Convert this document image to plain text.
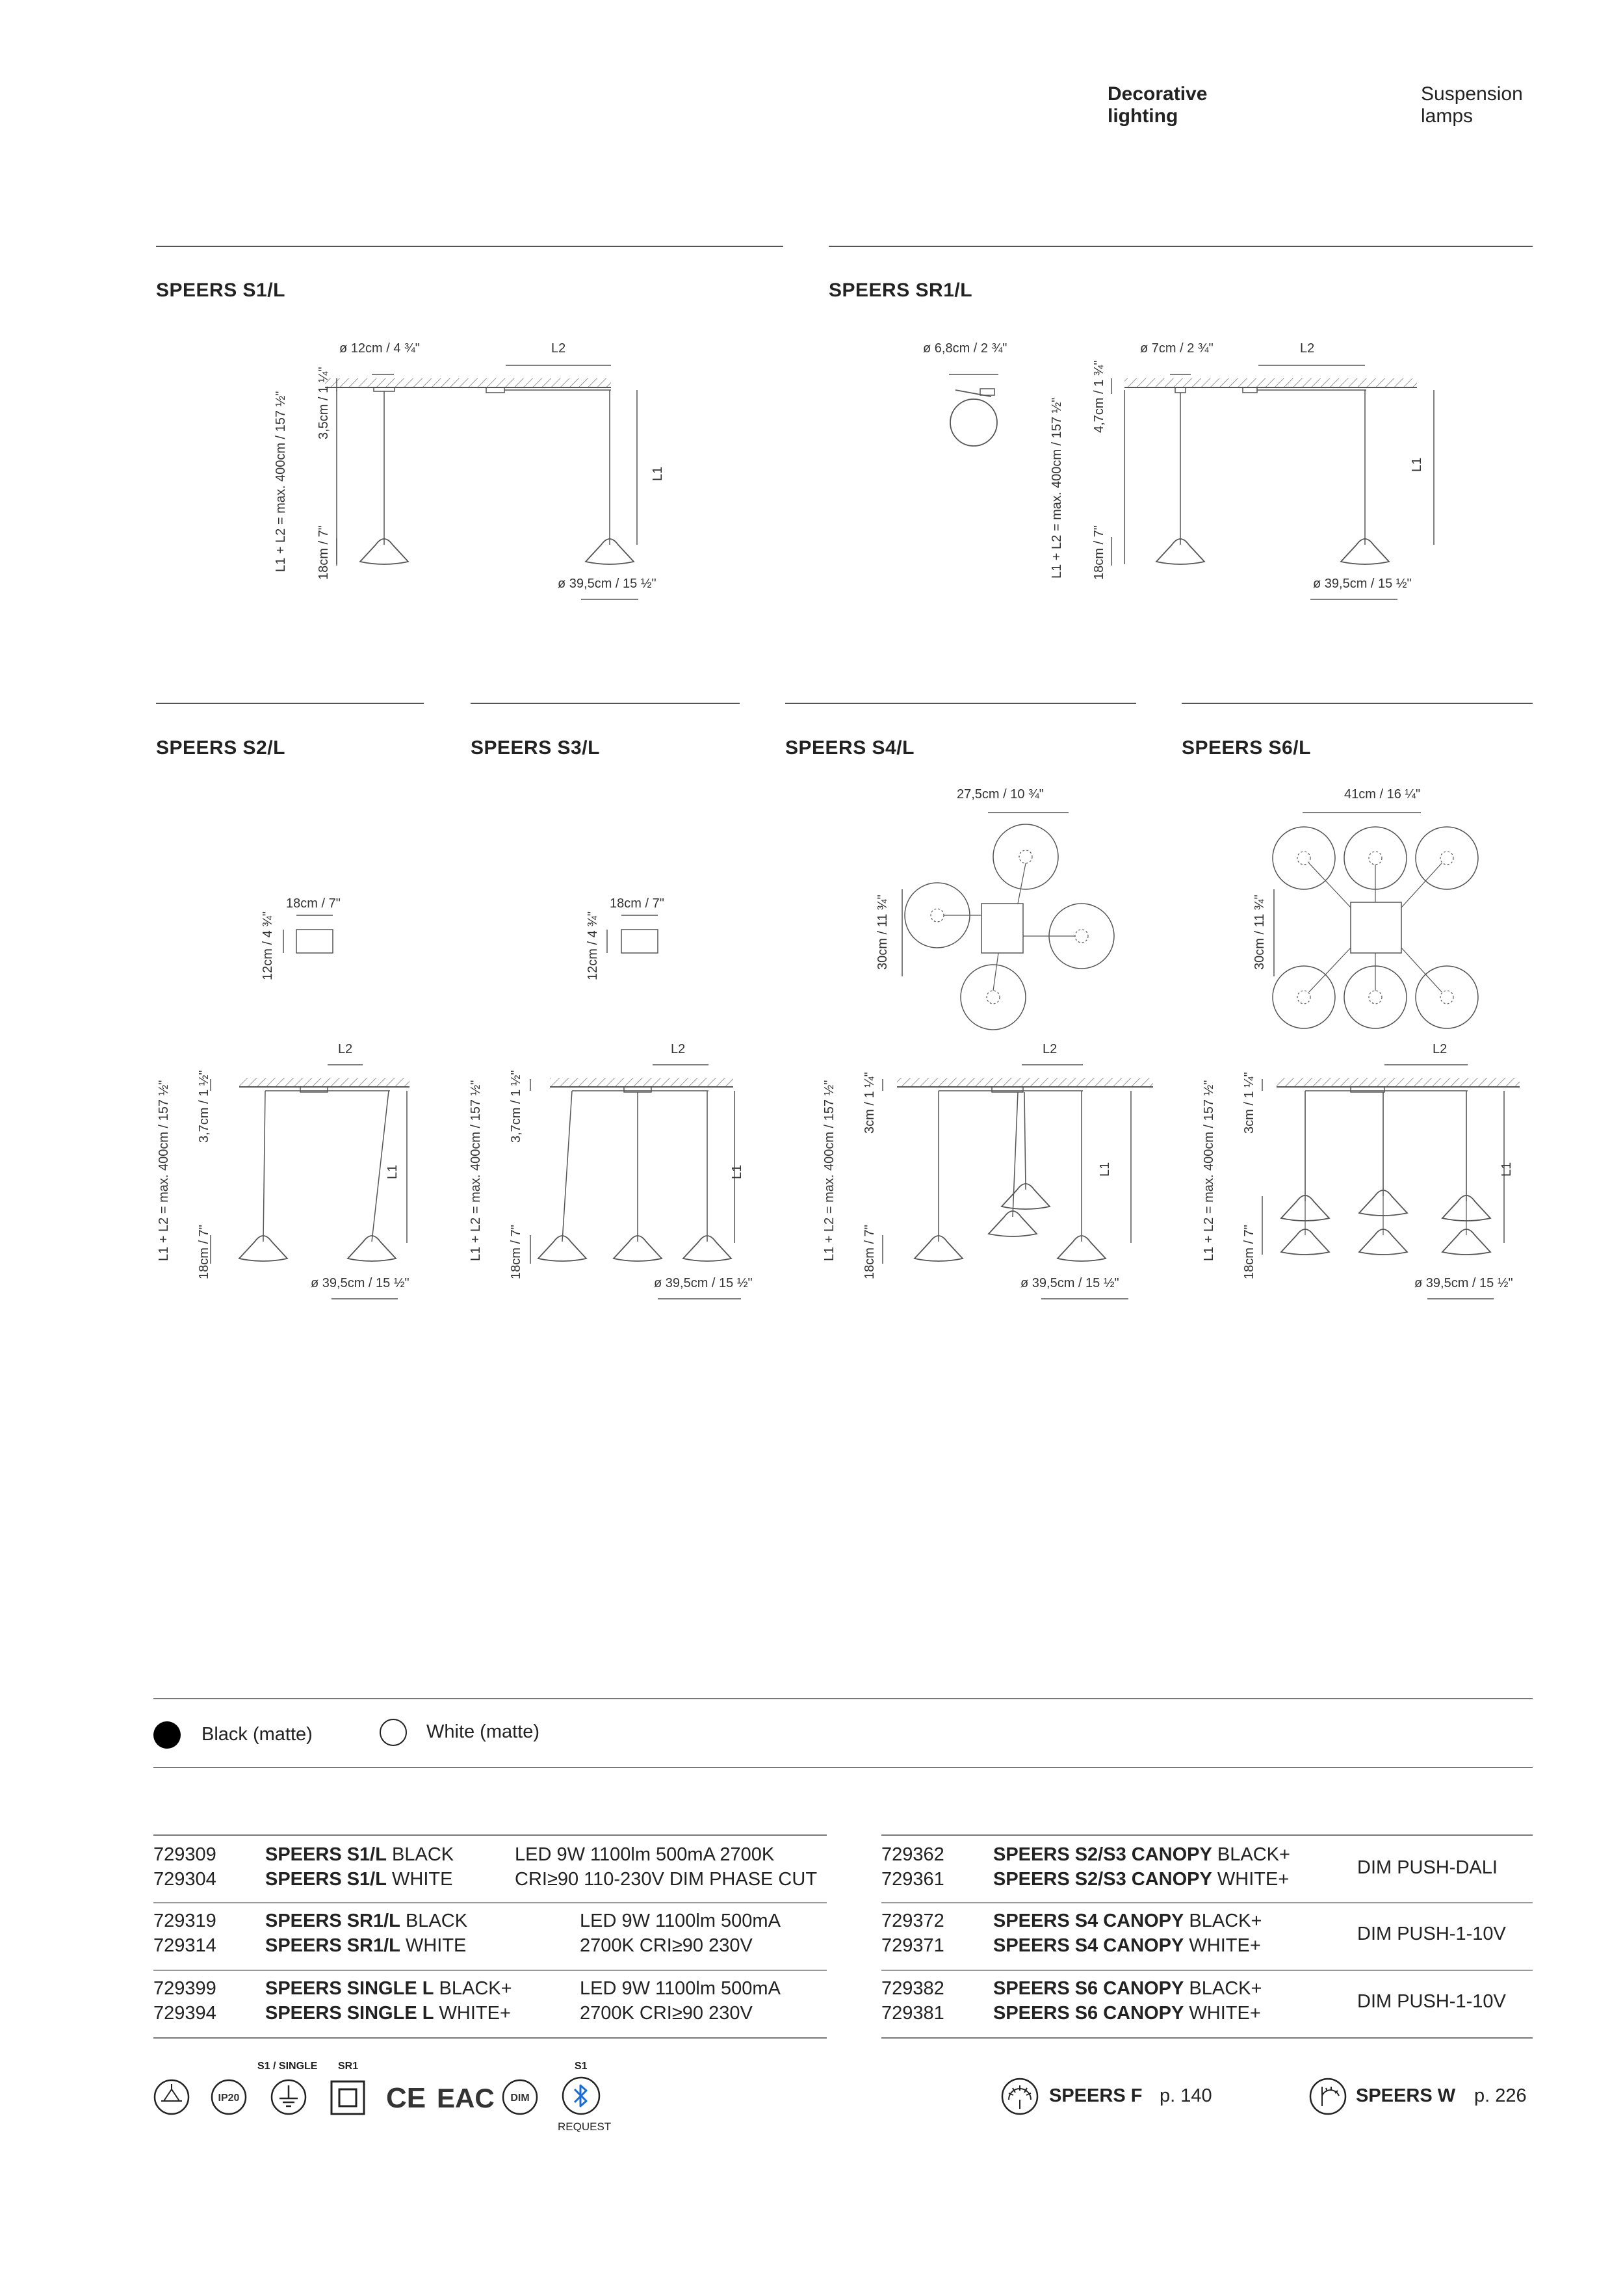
Decorative
lighting
Suspension
lamps
SPEERS S1/L	SPEERS SR1/L
ø 12cm / 4 ¾"	L2
L1
L1 + L2 = max. 400cm / 157 ½" 3,5cm / 1 ¼"
18cm / 7"
ø 39,5cm / 15 ½"
ø 6,8cm / 2 ¾"	ø 7cm / 2 ¾"	L2
L1
L1 + L2 = max. 400cm / 157 ½"
4,7cm / 1 ¾"
18cm / 7"
ø 39,5cm / 15 ½"
SPEERS S2/L	SPEERS S3/L	SPEERS S4/L	SPEERS S6/L
18cm / 7"
12cm / 4 ¾"
L2
L1
L1 + L2 = max. 400cm / 157 ½" 3,7cm / 1 ½"
18cm / 7"
ø 39,5cm / 15 ½"
18cm / 7"
12cm / 4 ¾"
L2
L1
L1 + L2 = max. 400cm / 157 ½" 3,7cm / 1 ½"
18cm / 7"
ø 39,5cm / 15 ½"
27,5cm / 10 ¾"
30cm / 11 ¾"
L2
L1
L1 + L2 = max. 400cm / 157 ½" 3cm / 1 ¼"
18cm / 7"
ø 39,5cm / 15 ½"
41cm / 16 ¼"
30cm / 11 ¾"
L2
L1
L1 + L2 = max. 400cm / 157 ½" 3cm / 1 ¼"
18cm / 7"
ø 39,5cm / 15 ½"
Black (matte)	White (matte)
729309	SPEERS S1/L BLACK
729304	SPEERS S1/L WHITE
LED 9W 1100lm 500mA 2700K
CRI≥90 110-230V DIM PHASE CUT
729319	SPEERS SR1/L BLACK
729314	SPEERS SR1/L WHITE
LED 9W 1100lm 500mA
2700K CRI≥90 230V
729399	SPEERS SINGLE L BLACK+
729394	SPEERS SINGLE L WHITE+
LED 9W 1100lm 500mA
2700K CRI≥90 230V
729362	SPEERS S2/S3 CANOPY BLACK+
729361	SPEERS S2/S3 CANOPY WHITE+
DIM PUSH-DALI
729372	SPEERS S4 CANOPY BLACK+
729371	SPEERS S4 CANOPY WHITE+
DIM PUSH-1-10V
729382	SPEERS S6 CANOPY BLACK+
729381	SPEERS S6 CANOPY WHITE+
DIM PUSH-1-10V
S1 / SINGLE SR1	S1
IP20	CE EAC DIM
REQUEST
SPEERS F p. 140	SPEERS W p. 226
